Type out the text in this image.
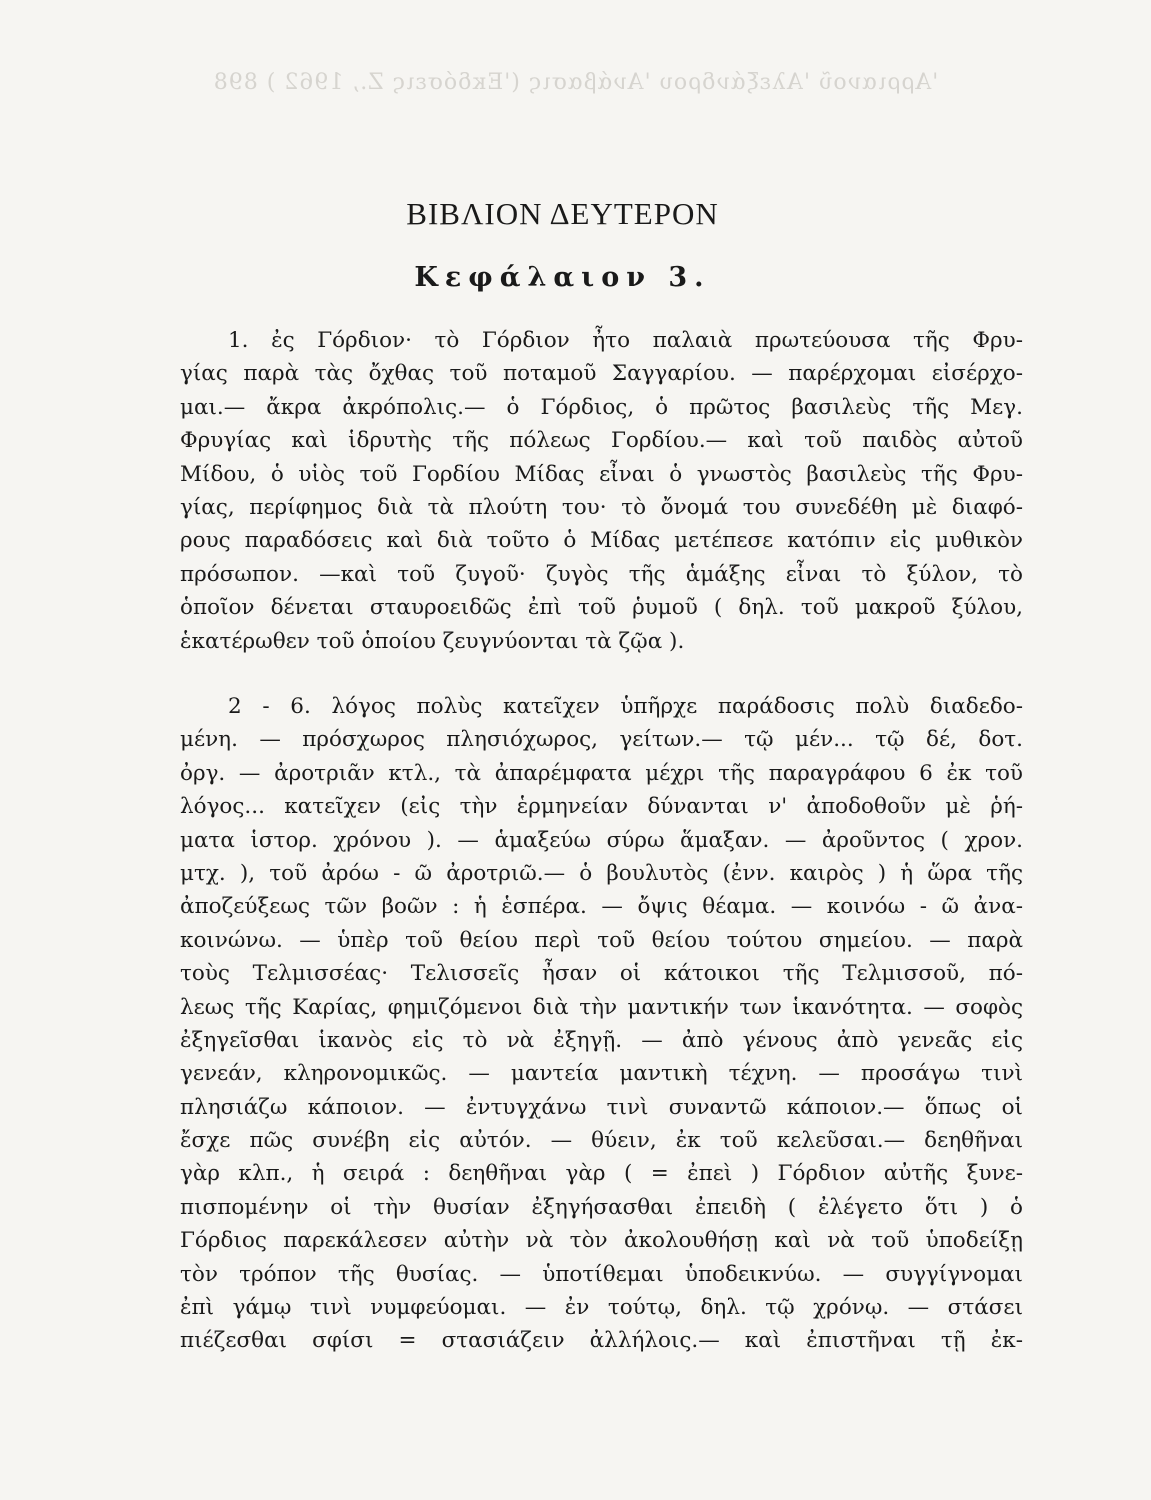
'Αρριανοῦ 'Αλεξάνδρου 'Ανάβασις ('Εκδόσεις Ζ., 1962 ) 898
ΒΙΒΛΙΟΝ ΔΕΥΤΕΡΟΝ
Κεφάλαιον 3.
1. ἐς Γόρδιον· τὸ Γόρδιον ἦτο παλαιὰ πρωτεύουσα τῆς Φρυ-
γίας παρὰ τὰς ὄχθας τοῦ ποταμοῦ Σαγγαρίου. — παρέρχομαι εἰσέρχο-
μαι.— ἄκρα ἀκρόπολις.— ὁ Γόρδιος, ὁ πρῶτος βασιλεὺς τῆς Μεγ.
Φρυγίας καὶ ἱδρυτὴς τῆς πόλεως Γορδίου.— καὶ τοῦ παιδὸς αὐτοῦ
Μίδου, ὁ υἱὸς τοῦ Γορδίου Μίδας εἶναι ὁ γνωστὸς βασιλεὺς τῆς Φρυ-
γίας, περίφημος διὰ τὰ πλούτη του· τὸ ὄνομά του συνεδέθη μὲ διαφό-
ρους παραδόσεις καὶ διὰ τοῦτο ὁ Μίδας μετέπεσε κατόπιν εἰς μυθικὸν
πρόσωπον. —καὶ τοῦ ζυγοῦ· ζυγὸς τῆς ἁμάξης εἶναι τὸ ξύλον, τὸ
ὁποῖον δένεται σταυροειδῶς ἐπὶ τοῦ ῥυμοῦ ( δηλ. τοῦ μακροῦ ξύλου,
ἑκατέρωθεν τοῦ ὁποίου ζευγνύονται τὰ ζῷα ).
2 - 6. λόγος πολὺς κατεῖχεν ὑπῆρχε παράδοσις πολὺ διαδεδο-
μένη. — πρόσχωρος πλησιόχωρος, γείτων.— τῷ μέν... τῷ δέ, δοτ.
ὀργ. — ἀροτριᾶν κτλ., τὰ ἀπαρέμφατα μέχρι τῆς παραγράφου 6 ἐκ τοῦ
λόγος... κατεῖχεν (εἰς τὴν ἑρμηνείαν δύνανται ν' ἀποδοθοῦν μὲ ῥή-
ματα ἱστορ. χρόνου ). — ἁμαξεύω σύρω ἅμαξαν. — ἀροῦντος ( χρον.
μτχ. ), τοῦ ἀρόω - ῶ ἀροτριῶ.— ὁ βουλυτὸς (ἐνν. καιρὸς ) ἡ ὥρα τῆς
ἀποζεύξεως τῶν βοῶν : ἡ ἑσπέρα. — ὄψις θέαμα. — κοινόω - ῶ ἀνα-
κοινώνω. — ὑπὲρ τοῦ θείου περὶ τοῦ θείου τούτου σημείου. — παρὰ
τοὺς Τελμισσέας· Τελισσεῖς ἦσαν οἱ κάτοικοι τῆς Τελμισσοῦ, πό-
λεως τῆς Καρίας, φημιζόμενοι διὰ τὴν μαντικήν των ἱκανότητα. — σοφὸς
ἐξηγεῖσθαι ἱκανὸς εἰς τὸ νὰ ἐξηγῇ. — ἀπὸ γένους ἀπὸ γενεᾶς εἰς
γενεάν, κληρονομικῶς. — μαντεία μαντικὴ τέχνη. — προσάγω τινὶ
πλησιάζω κάποιον. — ἐντυγχάνω τινὶ συναντῶ κάποιον.— ὅπως οἱ
ἔσχε πῶς συνέβη εἰς αὐτόν. — θύειν, ἐκ τοῦ κελεῦσαι.— δεηθῆναι
γὰρ κλπ., ἡ σειρά : δεηθῆναι γὰρ ( = ἐπεὶ ) Γόρδιον αὐτῆς ξυνε-
πισπομένην οἱ τὴν θυσίαν ἐξηγήσασθαι ἐπειδὴ ( ἐλέγετο ὅτι ) ὁ
Γόρδιος παρεκάλεσεν αὐτὴν νὰ τὸν ἀκολουθήσῃ καὶ νὰ τοῦ ὑποδείξῃ
τὸν τρόπον τῆς θυσίας. — ὑποτίθεμαι ὑποδεικνύω. — συγγίγνομαι
ἐπὶ γάμῳ τινὶ νυμφεύομαι. — ἐν τούτῳ, δηλ. τῷ χρόνῳ. — στάσει
πιέζεσθαι σφίσι = στασιάζειν ἀλλήλοις.— καὶ ἐπιστῆναι τῇ ἐκ-
